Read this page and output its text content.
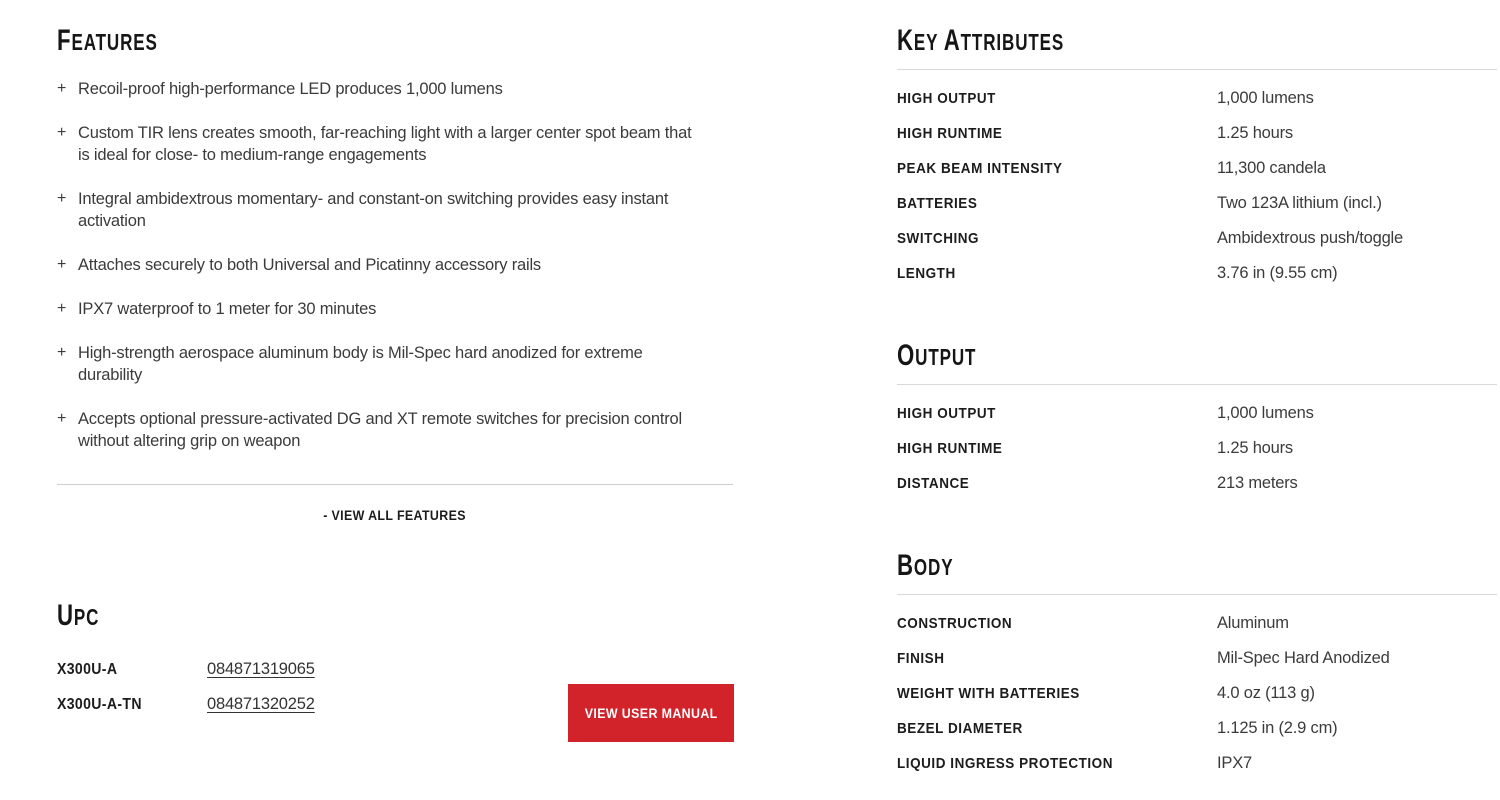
FEATURES
+ Recoil-proof high-performance LED produces 1,000 lumens
+ Custom TIR lens creates smooth, far-reaching light with a larger center spot beam that
is ideal for close- to medium-range engagements
+ Integral ambidextrous momentary- and constant-on switching provides easy instant
activation
+ Attaches securely to both Universal and Picatinny accessory rails
+ IPX7 waterproof to 1 meter for 30 minutes
+ High-strength aerospace aluminum body is Mil-Spec hard anodized for extreme
durability
+ Accepts optional pressure-activated DG and XT remote switches for precision control
without altering grip on weapon
- VIEW ALL FEATURES
UPC
X300U-A	084871319065
X300U-A-TN	084871320252	VIEW USER MANUAL
KEY ATTRIBUTES
HIGH OUTPUT	1,000 lumens
HIGH RUNTIME	1.25 hours
PEAK BEAM INTENSITY	11,300 candela
BATTERIES	Two 123A lithium (incl.)
SWITCHING	Ambidextrous push/toggle
LENGTH	3.76 in (9.55 cm)
OUTPUT
HIGH OUTPUT	1,000 lumens
HIGH RUNTIME	1.25 hours
DISTANCE	213 meters
BODY
CONSTRUCTION	Aluminum
FINISH	Mil-Spec Hard Anodized
WEIGHT WITH BATTERIES	4.0 oz (113 g)
BEZEL DIAMETER	1.125 in (2.9 cm)
LIQUID INGRESS PROTECTION	IPX7
